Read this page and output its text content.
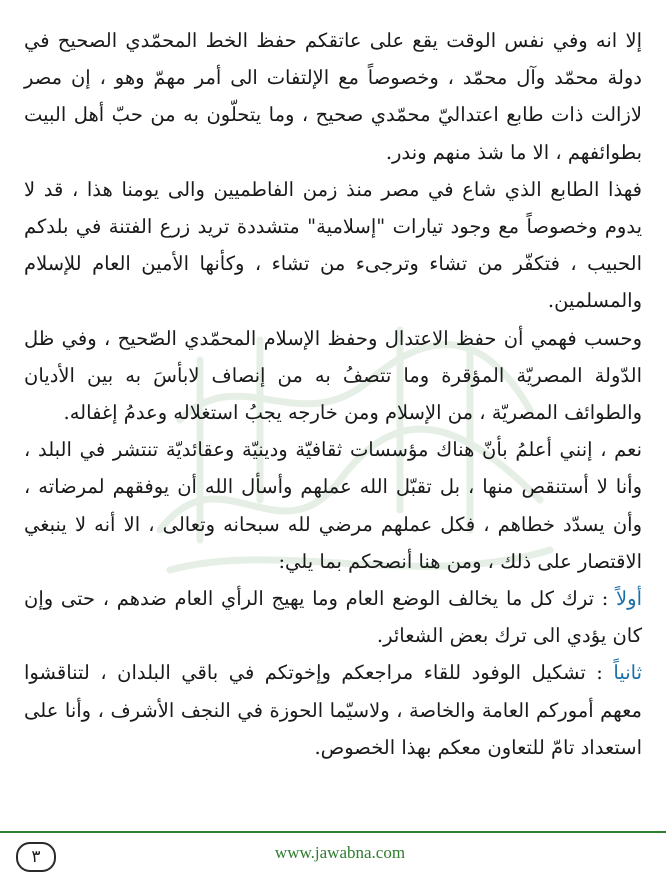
إلا انه وفي نفس الوقت يقع على عاتقكم حفظ الخط المحمّدي الصحيح في دولة محمّد وآل محمّد ، وخصوصاً مع الإلتفات الى أمر مهمّ وهو ، إن مصر لازالت ذات طابع اعتداليّ محمّدي صحيح ، وما يتحلّون به من حبّ أهل البيت بطوائفهم ، الا ما شذ منهم وندر.

فهذا الطابع الذي شاع في مصر منذ زمن الفاطميين والى يومنا هذا ، قد لا يدوم وخصوصاً مع وجود تيارات "إسلامية" متشددة تريد زرع الفتنة في بلدكم الحبيب ، فتكفّر من تشاء وترجىء من تشاء ، وكأنها الأمين العام للإسلام والمسلمين.

وحسب فهمي أن حفظ الاعتدال وحفظ الإسلام المحمّدي الصّحيح ، وفي ظل الدّولة المصريّة المؤقرة وما تتصفُ به من إنصاف لابأسَ به بين الأديان والطوائف المصريّة ، من الإسلام ومن خارجه يجبُ استغلاله وعدمُ إغفاله.

نعم ، إنني أعلمُ بأنّ هناك مؤسسات ثقافيّة ودينيّة وعقائديّة تنتشر في البلد ، وأنا لا أستنقص منها ، بل تقبّل الله عملهم وأسأل الله أن يوفقهم لمرضاته ، وأن يسدّد خطاهم ، فكل عملهم مرضي لله سبحانه وتعالى ، الا أنه لا ينبغي الاقتصار على ذلك ، ومن هنا أنصحكم بما يلي:

أولاً : ترك كل ما يخالف الوضع العام وما يهيج الرأي العام ضدهم ، حتى وإن كان يؤدي الى ترك بعض الشعائر.

ثانياً : تشكيل الوفود للقاء مراجعكم وإخوتكم في باقي البلدان ، لتناقشوا معهم أموركم العامة والخاصة ، ولاسيّما الحوزة في النجف الأشرف ، وأنا على استعداد تامّ للتعاون معكم بهذا الخصوص.

٣	www.jawabna.com
